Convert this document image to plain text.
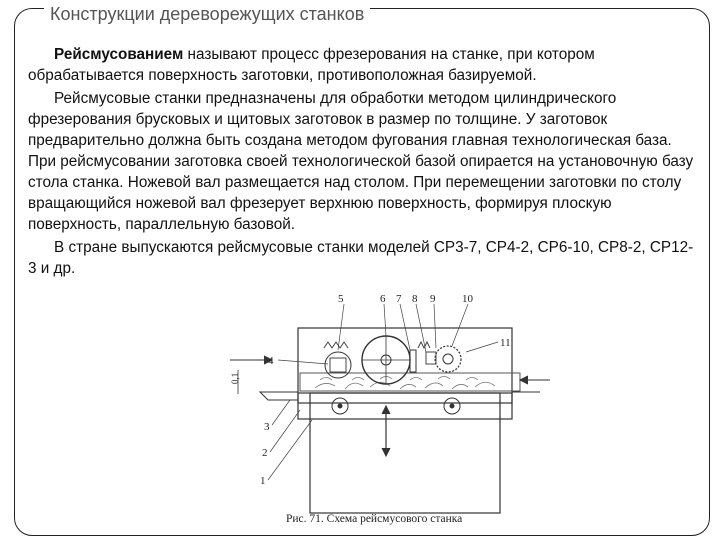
Конструкции дереворежущих станков

Рейсмусованием называют процесс фрезерования на станке, при котором обрабатывается поверхность заготовки, противоположная базируемой.

Рейсмусовые станки предназначены для обработки методом цилиндрического фрезерования брусковых и щитовых заготовок в размер по толщине. У заготовок предварительно должна быть создана методом фугования главная технологическая база. При рейсмусовании заготовка своей технологической базой опирается на установочную базу стола станка. Ножевой вал размещается над столом. При перемещении заготовки по столу вращающийся ножевой вал фрезерует верхнюю поверхность, формируя плоскую поверхность, параллельную базовой.

В стране выпускаются рейсмусовые станки моделей СР3-7, СР4-2, СР6-10, СР8-2, СР12-3 и др.

5	6 7 8 9 10
11
4
3
2
1
0,1
Рис. 71. Схема рейсмусового станка
